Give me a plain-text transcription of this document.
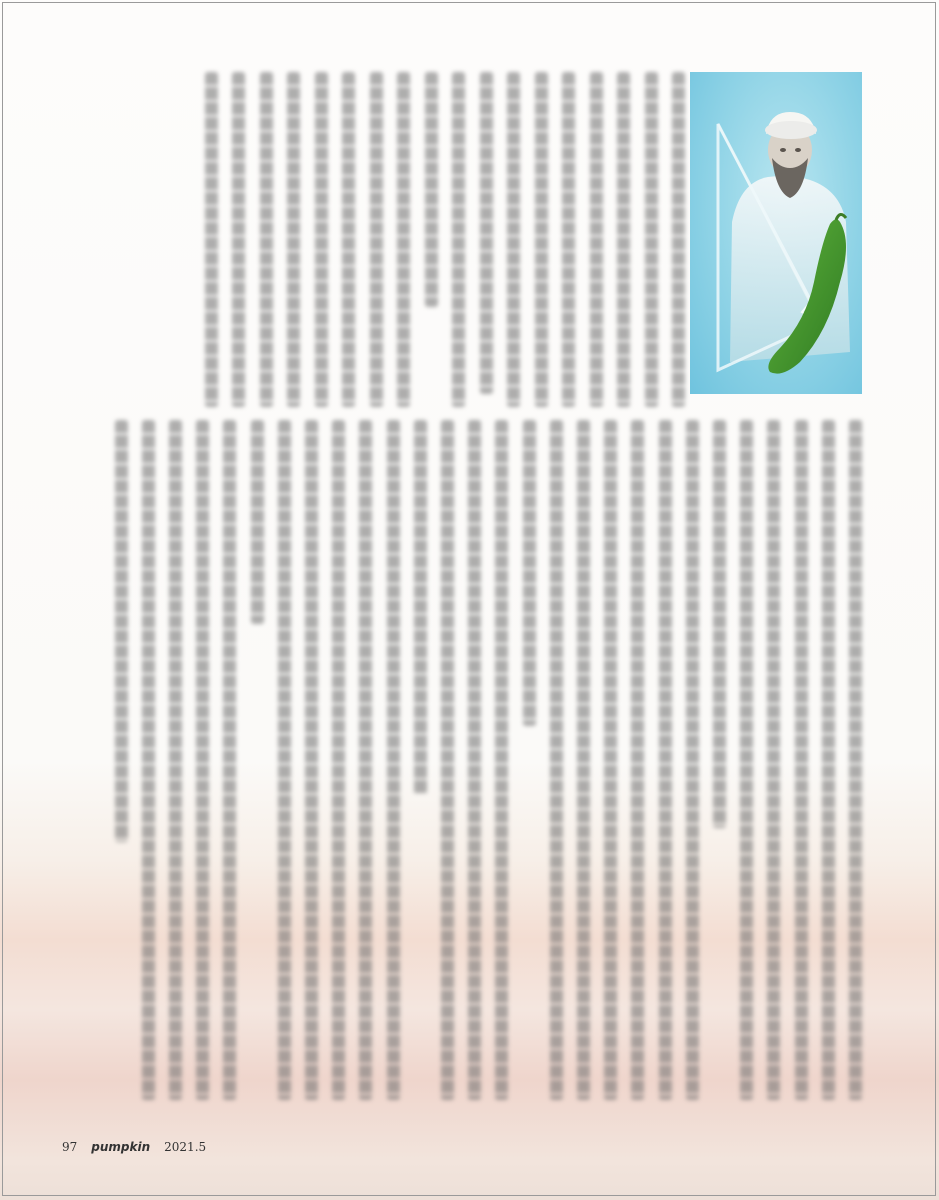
97 pumpkin 2021.5
